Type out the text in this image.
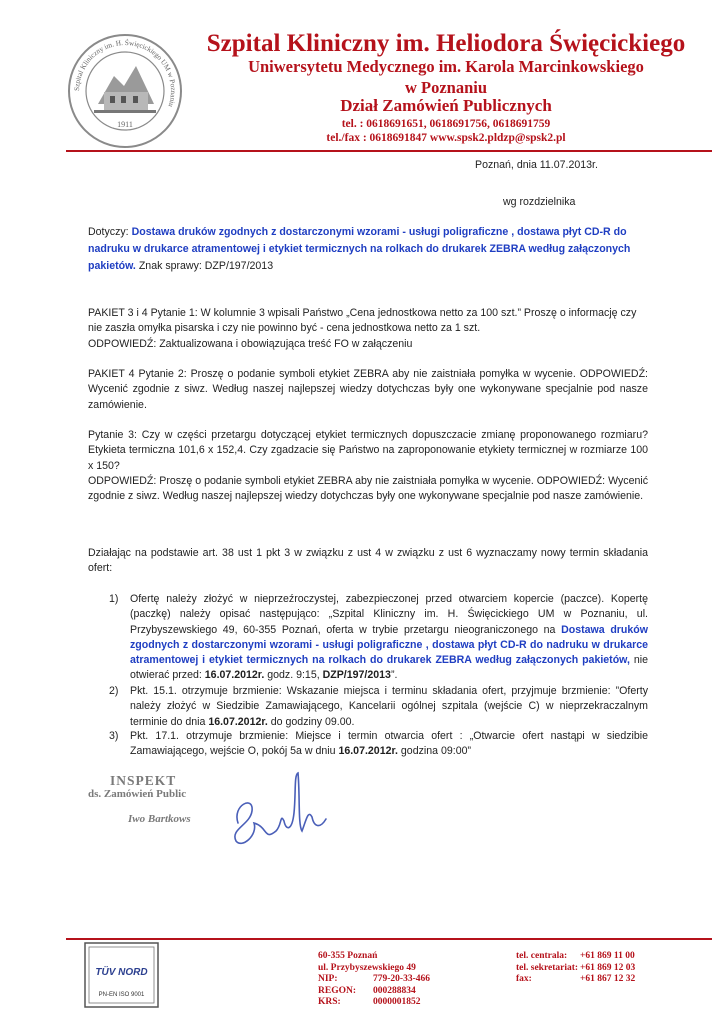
Szpital Kliniczny im. H. Święcickiego UM w Poznaniu
1911
Szpital Kliniczny im. Heliodora Święcickiego
Uniwersytetu Medycznego im. Karola Marcinkowskiego
w Poznaniu
Dział Zamówień Publicznych
tel. : 0618691651, 0618691756, 0618691759
tel./fax : 0618691847 www.spsk2.pldzp@spsk2.pl
Poznań, dnia 11.07.2013r.
wg rozdzielnika
Dotyczy: Dostawa druków zgodnych z dostarczonymi wzorami - usługi poligraficzne , dostawa płyt CD-R do nadruku w drukarce atramentowej i etykiet termicznych na rolkach do drukarek ZEBRA według załączonych pakietów. Znak sprawy: DZP/197/2013
PAKIET 3 i 4 Pytanie 1: W kolumnie 3 wpisali Państwo „Cena jednostkowa netto za 100 szt.” Proszę o informację czy nie zaszła omyłka pisarska i czy nie powinno być - cena jednostkowa netto za 1 szt.
ODPOWIEDŹ: Zaktualizowana i obowiązująca treść FO w załączeniu
PAKIET 4 Pytanie 2: Proszę o podanie symboli etykiet ZEBRA aby nie zaistniała pomyłka w wycenie. ODPOWIEDŹ: Wycenić zgodnie z siwz. Według naszej najlepszej wiedzy dotychczas były one wykonywane specjalnie pod nasze zamówienie.
Pytanie 3: Czy w części przetargu dotyczącej etykiet termicznych dopuszczacie zmianę proponowanego rozmiaru? Etykieta termiczna 101,6 x 152,4. Czy zgadzacie się Państwo na zaproponowanie etykiety termicznej w rozmiarze 100 x 150?
ODPOWIEDŹ: Proszę o podanie symboli etykiet ZEBRA aby nie zaistniała pomyłka w wycenie. ODPOWIEDŹ: Wycenić zgodnie z siwz. Według naszej najlepszej wiedzy dotychczas były one wykonywane specjalnie pod nasze zamówienie.
Działając na podstawie art. 38 ust 1 pkt 3 w związku z ust 4 w związku z ust 6 wyznaczamy nowy termin składania ofert:
1) Ofertę należy złożyć w nieprzeźroczystej, zabezpieczonej przed otwarciem kopercie (paczce). Kopertę (paczkę) należy opisać następująco: „Szpital Kliniczny im. H. Święcickiego UM w Poznaniu, ul. Przybyszewskiego 49, 60-355 Poznań, oferta w trybie przetargu nieograniczonego na Dostawa druków zgodnych z dostarczonymi wzorami - usługi poligraficzne , dostawa płyt CD-R do nadruku w drukarce atramentowej i etykiet termicznych na rolkach do drukarek ZEBRA według załączonych pakietów, nie otwierać przed: 16.07.2012r. godz. 9:15, DZP/197/2013”.
2) Pkt. 15.1. otrzymuje brzmienie: Wskazanie miejsca i terminu składania ofert, przyjmuje brzmienie: ”Oferty należy złożyć w Siedzibie Zamawiającego, Kancelarii ogólnej szpitala (wejście C) w nieprzekraczalnym terminie do dnia 16.07.2012r. do godziny 09.00.
3) Pkt. 17.1. otrzymuje brzmienie: Miejsce i termin otwarcia ofert : „Otwarcie ofert nastąpi w siedzibie Zamawiającego, wejście O, pokój 5a w dniu 16.07.2012r. godzina 09:00”
INSPEKT
ds. Zamówień Public
Iwo Bartkows
TÜV NORD
PN-EN ISO 9001
60-355 Poznań
ul. Przybyszewskiego 49
NIP:
REGON:
KRS:

779-20-33-466
000288834
0000001852
tel. centrala:
tel. sekretariat:
fax:
+61 869 11 00
+61 869 12 03
+61 867 12 32
